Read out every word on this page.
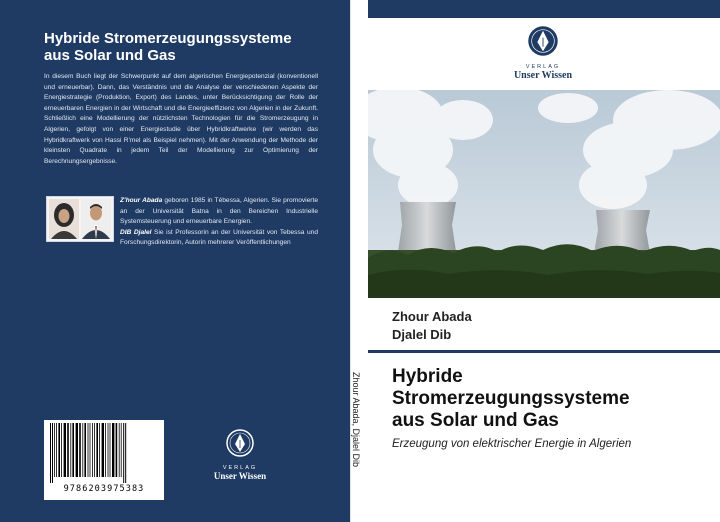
Hybride Stromerzeugungssysteme
aus Solar und Gas
In diesem Buch liegt der Schwerpunkt auf dem algerischen Energiepotenzial (konventionell und erneuerbar). Dann, das Verständnis und die Analyse der verschiedenen Aspekte der Energiestrategie (Produktion, Export) des Landes, unter Berücksichtigung der Rolle der erneuerbaren Energien in der Wirtschaft und die Energieeffizienz von Algerien in der Zukunft. Schließlich eine Modellierung der nützlichsten Technologien für die Stromerzeugung in Algerien, gefolgt von einer Energiestudie über Hybridkraftwerke (wir werden das Hybridkraftwerk von Hassi R'mel als Beispiel nehmen). Mit der Anwendung der Methode der kleinsten Quadrate in jedem Teil der Modellierung zur Optimierung der Berechnungsergebnisse.
Z'hour Abada geboren 1985 in Tébessa, Algerien. Sie promovierte an der Universität Batna in den Bereichen Industrielle Systemsteuerung und erneuerbare Energien.
DIB Djalel Sie ist Professorin an der Universität von Tebessa und Forschungsdirektorin, Autorin mehrerer Veröffentlichungen
9786203975383
VERLAG
Unser Wissen
Zhour Abada, Djalel Dib
VERLAG
Unser Wissen
Zhour Abada
Djalel Dib
Hybride
Stromerzeugungssysteme
aus Solar und Gas
Erzeugung von elektrischer Energie in Algerien
